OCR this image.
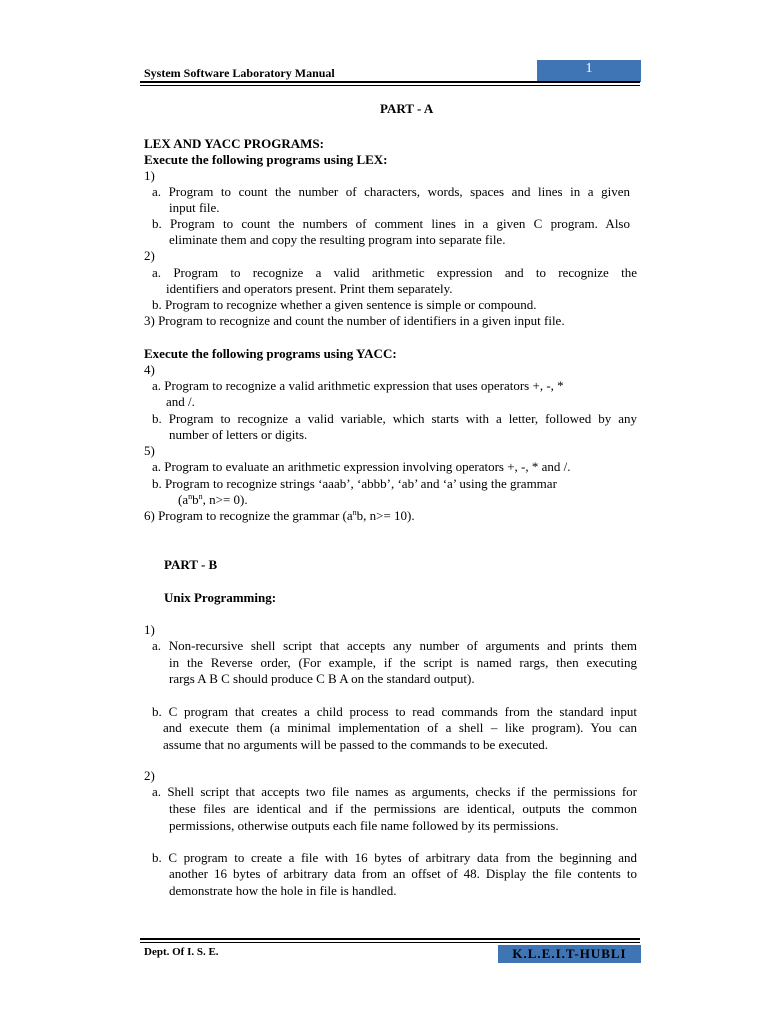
System Software Laboratory Manual	1
PART - A
LEX AND YACC PROGRAMS:
Execute the following programs using LEX:
1)
a. Program to count the number of characters, words, spaces and lines in a given
input file.
b. Program to count the numbers of comment lines in a given C program. Also
eliminate them and copy the resulting program into separate file.
2)
a. Program to recognize a valid arithmetic expression and to recognize the
identifiers and operators present. Print them separately.
b. Program to recognize whether a given sentence is simple or compound.
3) Program to recognize and count the number of identifiers in a given input file.
Execute the following programs using YACC:
4)
a. Program to recognize a valid arithmetic expression that uses operators +, -, *
and /.
b. Program to recognize a valid variable, which starts with a letter, followed by any
number of letters or digits.
5)
a. Program to evaluate an arithmetic expression involving operators +, -, * and /.
b. Program to recognize strings ‘aaab’, ‘abbb’, ‘ab’ and ‘a’ using the grammar
($a^nb^n$, n>= 0).
6) Program to recognize the grammar ($a^nb$, n>= 10).
PART - B
Unix Programming:
1)
a. Non-recursive shell script that accepts any number of arguments and prints them
in the Reverse order, (For example, if the script is named rargs, then executing
rargs A B C should produce C B A on the standard output).
b. C program that creates a child process to read commands from the standard input
and execute them (a minimal implementation of a shell – like program). You can
assume that no arguments will be passed to the commands to be executed.
2)
a. Shell script that accepts two file names as arguments, checks if the permissions for
these files are identical and if the permissions are identical, outputs the common
permissions, otherwise outputs each file name followed by its permissions.
b. C program to create a file with 16 bytes of arbitrary data from the beginning and
another 16 bytes of arbitrary data from an offset of 48. Display the file contents to
demonstrate how the hole in file is handled.
Dept. Of I. S. E.	K.L.E.I.T-HUBLI
